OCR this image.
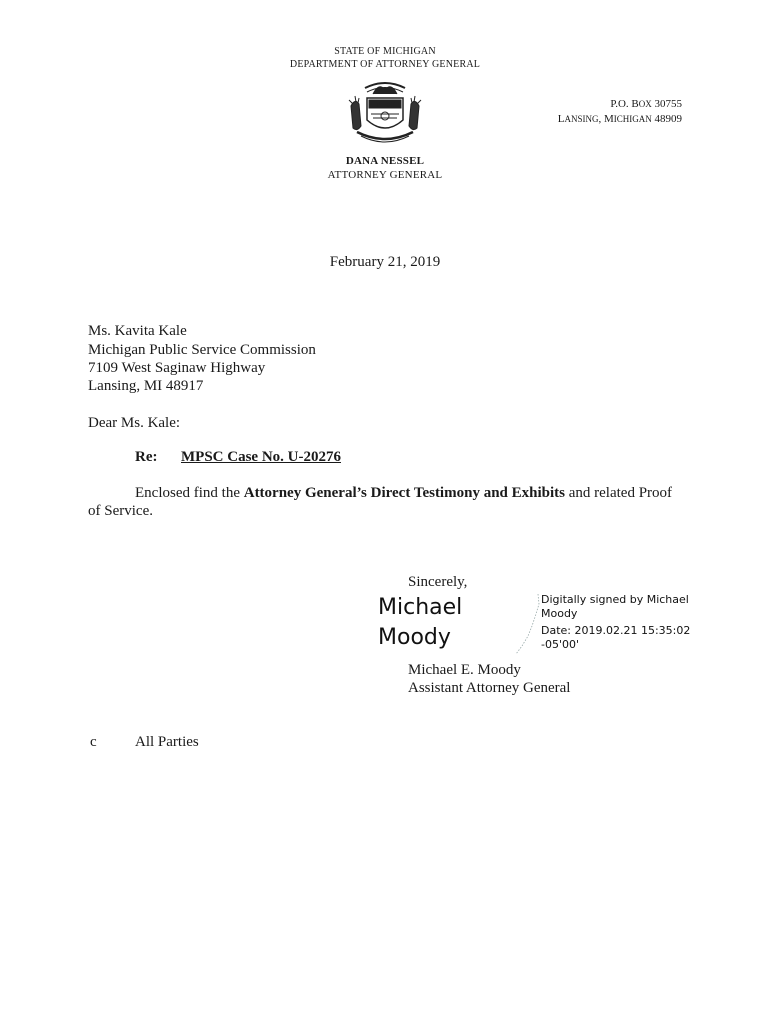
STATE OF MICHIGAN
DEPARTMENT OF ATTORNEY GENERAL
TUEBOR	P.O. BOX 30755
LANSING, MICHIGAN 48909
DANA NESSEL
ATTORNEY GENERAL
February 21, 2019
Ms. Kavita Kale
Michigan Public Service Commission
7109 West Saginaw Highway
Lansing, MI 48917
Dear Ms. Kale:
Re: MPSC Case No. U-20276
Enclosed find the Attorney General’s Direct Testimony and Exhibits and related Proof
of Service.
Sincerely,
Michael
Moody
Digitally signed by Michael
Moody
Date: 2019.02.21 15:35:02
-05'00'
Michael E. Moody
Assistant Attorney General
c	All Parties
